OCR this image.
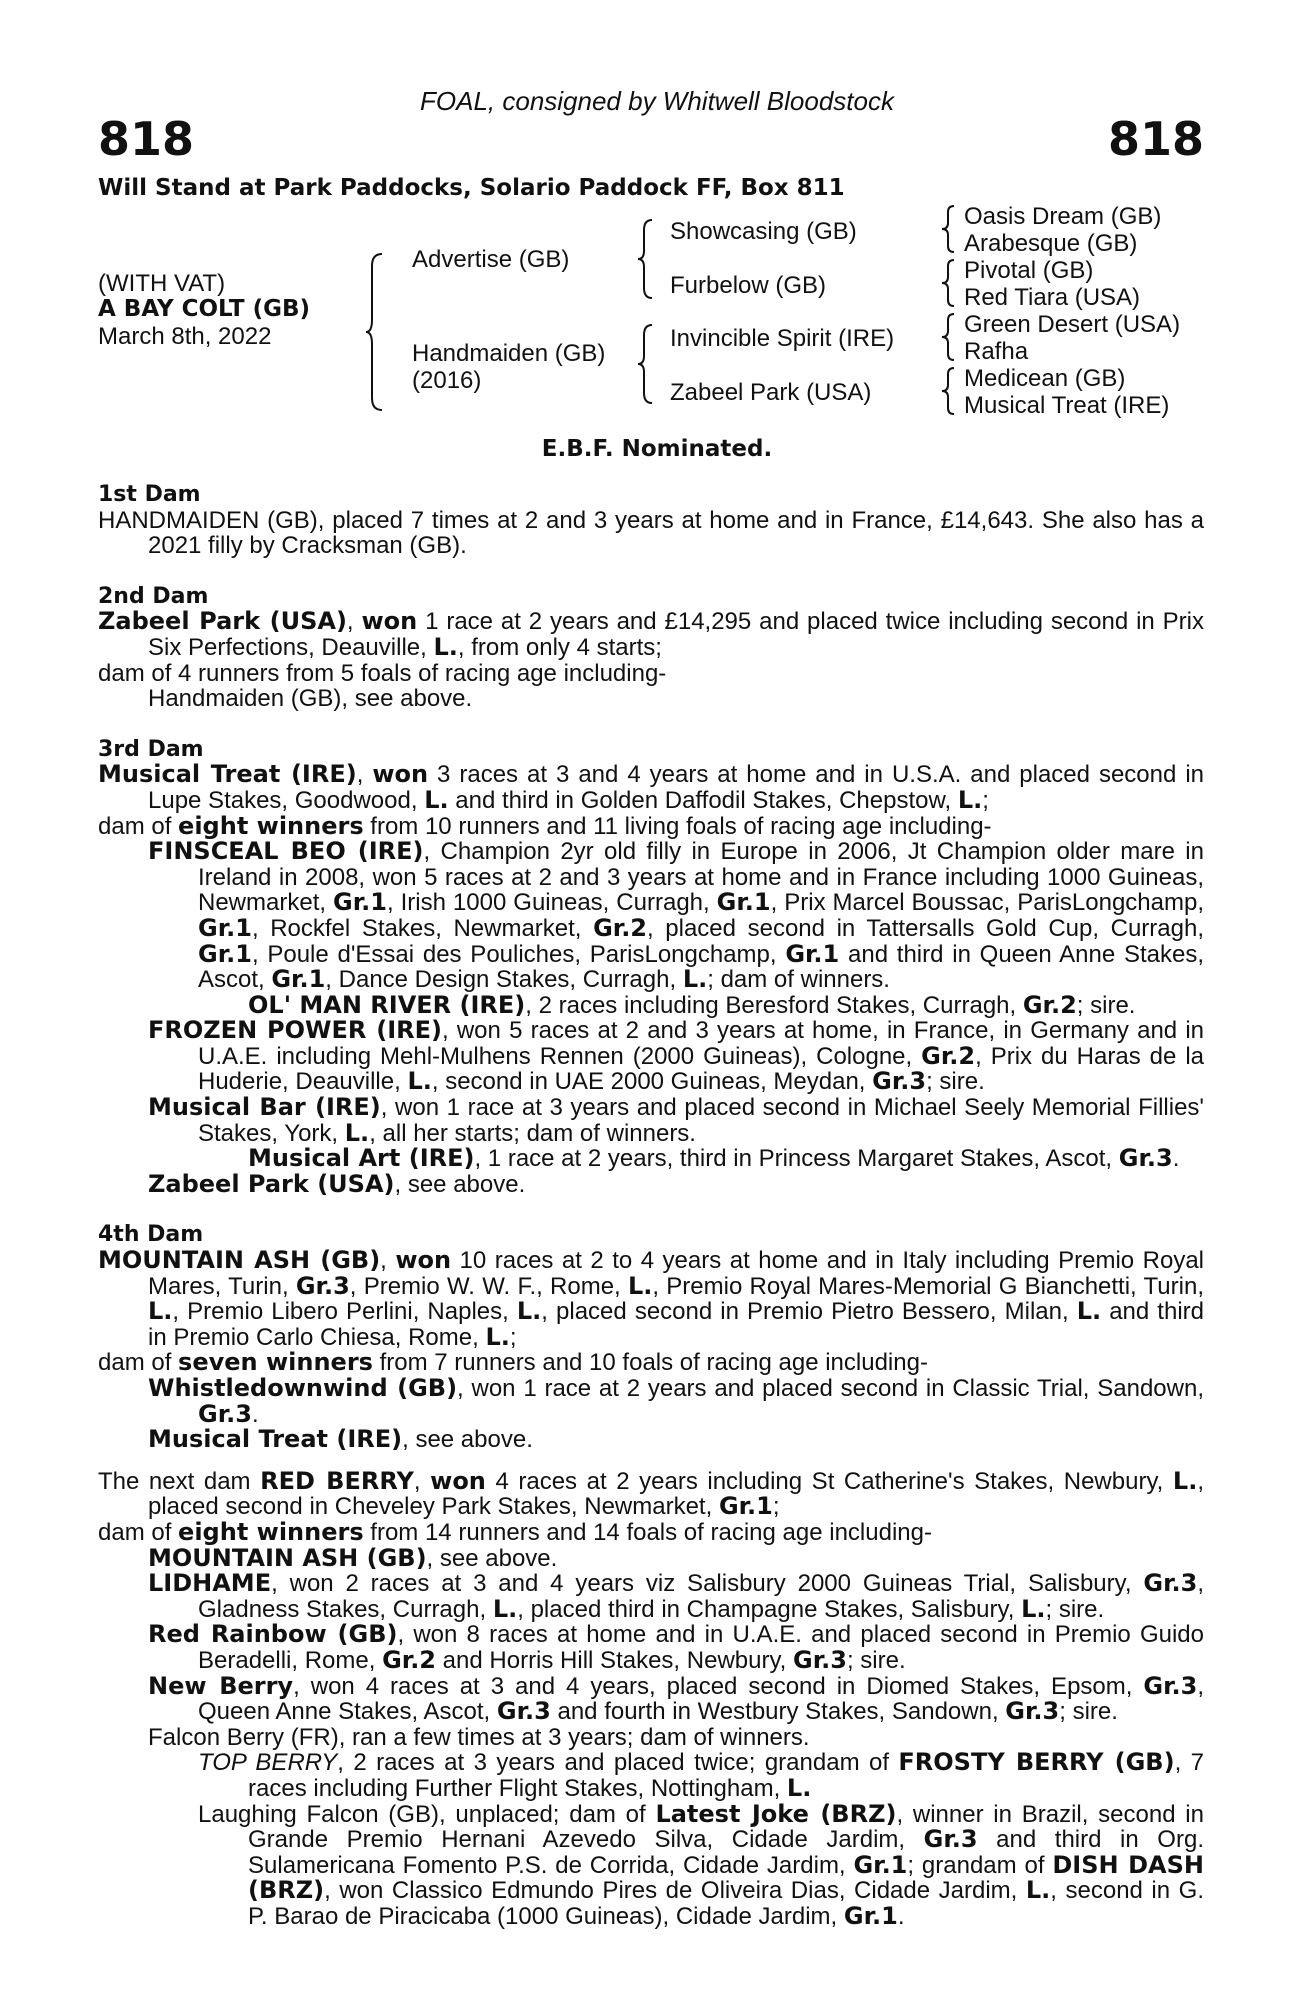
FOAL, consigned by Whitwell Bloodstock
818	818
Will Stand at Park Paddocks, Solario Paddock FF, Box 811
(WITH VAT)
A BAY COLT (GB)
March 8th, 2022
Advertise (GB)
Handmaiden (GB)
(2016)
Showcasing (GB)
Furbelow (GB)
Invincible Spirit (IRE)
Zabeel Park (USA)
Oasis Dream (GB)
Arabesque (GB)
Pivotal (GB)
Red Tiara (USA)
Green Desert (USA)
Rafha
Medicean (GB)
Musical Treat (IRE)
E.B.F. Nominated.
1st Dam
HANDMAIDEN (GB), placed 7 times at 2 and 3 years at home and in France, £14,643. She also has a 2021 filly by Cracksman (GB).
2nd Dam
Zabeel Park (USA), won 1 race at 2 years and £14,295 and placed twice including second in Prix Six Perfections, Deauville, L., from only 4 starts;
dam of 4 runners from 5 foals of racing age including-
Handmaiden (GB), see above.
3rd Dam
Musical Treat (IRE), won 3 races at 3 and 4 years at home and in U.S.A. and placed second in Lupe Stakes, Goodwood, L. and third in Golden Daffodil Stakes, Chepstow, L.;
dam of eight winners from 10 runners and 11 living foals of racing age including-
FINSCEAL BEO (IRE), Champion 2yr old filly in Europe in 2006, Jt Champion older mare in Ireland in 2008, won 5 races at 2 and 3 years at home and in France including 1000 Guineas, Newmarket, Gr.1, Irish 1000 Guineas, Curragh, Gr.1, Prix Marcel Boussac, ParisLongchamp, Gr.1, Rockfel Stakes, Newmarket, Gr.2, placed second in Tattersalls Gold Cup, Curragh, Gr.1, Poule d'Essai des Pouliches, ParisLongchamp, Gr.1 and third in Queen Anne Stakes, Ascot, Gr.1, Dance Design Stakes, Curragh, L.; dam of winners.
OL' MAN RIVER (IRE), 2 races including Beresford Stakes, Curragh, Gr.2; sire.
FROZEN POWER (IRE), won 5 races at 2 and 3 years at home, in France, in Germany and in U.A.E. including Mehl-Mulhens Rennen (2000 Guineas), Cologne, Gr.2, Prix du Haras de la Huderie, Deauville, L., second in UAE 2000 Guineas, Meydan, Gr.3; sire.
Musical Bar (IRE), won 1 race at 3 years and placed second in Michael Seely Memorial Fillies' Stakes, York, L., all her starts; dam of winners.
Musical Art (IRE), 1 race at 2 years, third in Princess Margaret Stakes, Ascot, Gr.3.
Zabeel Park (USA), see above.
4th Dam
MOUNTAIN ASH (GB), won 10 races at 2 to 4 years at home and in Italy including Premio Royal Mares, Turin, Gr.3, Premio W. W. F., Rome, L., Premio Royal Mares-Memorial G Bianchetti, Turin, L., Premio Libero Perlini, Naples, L., placed second in Premio Pietro Bessero, Milan, L. and third in Premio Carlo Chiesa, Rome, L.;
dam of seven winners from 7 runners and 10 foals of racing age including-
Whistledownwind (GB), won 1 race at 2 years and placed second in Classic Trial, Sandown, Gr.3.
Musical Treat (IRE), see above.
The next dam RED BERRY, won 4 races at 2 years including St Catherine's Stakes, Newbury, L., placed second in Cheveley Park Stakes, Newmarket, Gr.1;
dam of eight winners from 14 runners and 14 foals of racing age including-
MOUNTAIN ASH (GB), see above.
LIDHAME, won 2 races at 3 and 4 years viz Salisbury 2000 Guineas Trial, Salisbury, Gr.3, Gladness Stakes, Curragh, L., placed third in Champagne Stakes, Salisbury, L.; sire.
Red Rainbow (GB), won 8 races at home and in U.A.E. and placed second in Premio Guido Beradelli, Rome, Gr.2 and Horris Hill Stakes, Newbury, Gr.3; sire.
New Berry, won 4 races at 3 and 4 years, placed second in Diomed Stakes, Epsom, Gr.3, Queen Anne Stakes, Ascot, Gr.3 and fourth in Westbury Stakes, Sandown, Gr.3; sire.
Falcon Berry (FR), ran a few times at 3 years; dam of winners.
TOP BERRY, 2 races at 3 years and placed twice; grandam of FROSTY BERRY (GB), 7 races including Further Flight Stakes, Nottingham, L.
Laughing Falcon (GB), unplaced; dam of Latest Joke (BRZ), winner in Brazil, second in Grande Premio Hernani Azevedo Silva, Cidade Jardim, Gr.3 and third in Org. Sulamericana Fomento P.S. de Corrida, Cidade Jardim, Gr.1; grandam of DISH DASH (BRZ), won Classico Edmundo Pires de Oliveira Dias, Cidade Jardim, L., second in G. P. Barao de Piracicaba (1000 Guineas), Cidade Jardim, Gr.1.
